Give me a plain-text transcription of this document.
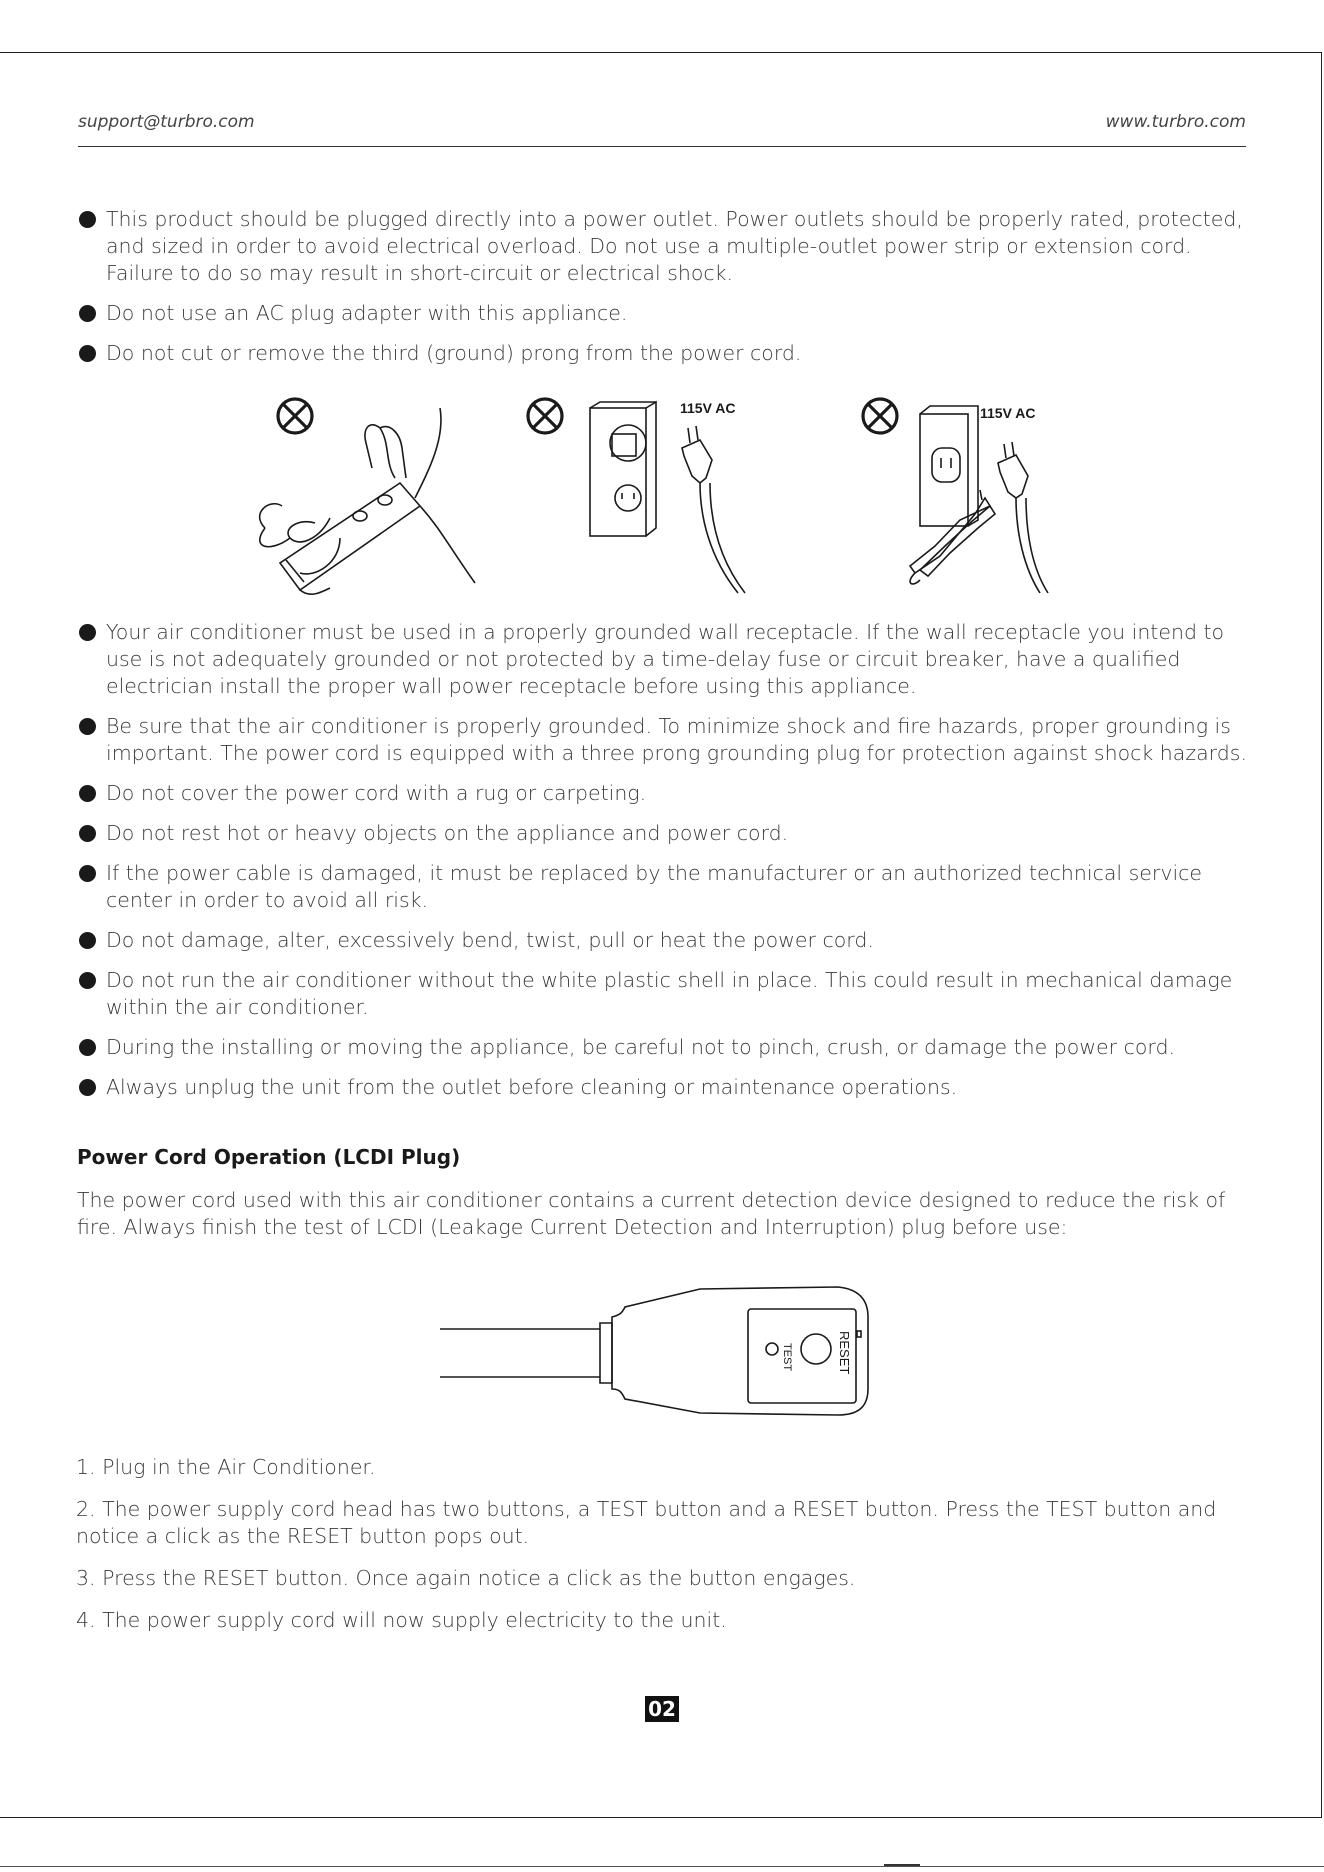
support@turbro.com	www.turbro.com
This product should be plugged directly into a power outlet. Power outlets should be properly rated, protected, and sized in order to avoid electrical overload. Do not use a multiple-outlet power strip or extension cord. Failure to do so may result in short-circuit or electrical shock.
Do not use an AC plug adapter with this appliance.
Do not cut or remove the third (ground) prong from the power cord.
115V AC	115V AC
Your air conditioner must be used in a properly grounded wall receptacle. If the wall receptacle you intend to use is not adequately grounded or not protected by a time-delay fuse or circuit breaker, have a qualified electrician install the proper wall power receptacle before using this appliance.
Be sure that the air conditioner is properly grounded. To minimize shock and fire hazards, proper grounding is important. The power cord is equipped with a three prong grounding plug for protection against shock hazards.
Do not cover the power cord with a rug or carpeting.
Do not rest hot or heavy objects on the appliance and power cord.
If the power cable is damaged, it must be replaced by the manufacturer or an authorized technical service center in order to avoid all risk.
Do not damage, alter, excessively bend, twist, pull or heat the power cord.
Do not run the air conditioner without the white plastic shell in place. This could result in mechanical damage within the air conditioner.
During the installing or moving the appliance, be careful not to pinch, crush, or damage the power cord.
Always unplug the unit from the outlet before cleaning or maintenance operations.
Power Cord Operation (LCDI Plug)
The power cord used with this air conditioner contains a current detection device designed to reduce the risk of fire. Always finish the test of LCDI (Leakage Current Detection and Interruption) plug before use:
TEST	RESET
1. Plug in the Air Conditioner.
2. The power supply cord head has two buttons, a TEST button and a RESET button. Press the TEST button and notice a click as the RESET button pops out.
3. Press the RESET button. Once again notice a click as the button engages.
4. The power supply cord will now supply electricity to the unit.
02
